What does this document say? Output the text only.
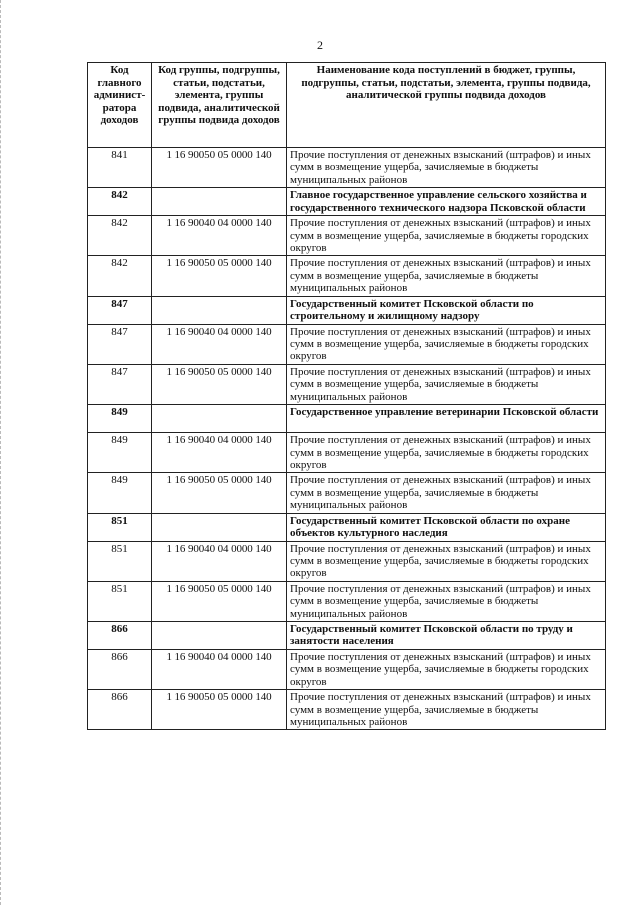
2
Код главного админист-ратора доходов	Код группы, подгруппы, статьи, подстатьи, элемента, группы подвида, аналитической группы подвида доходов	Наименование кода поступлений в бюджет, группы, подгруппы, статьи, подстатьи, элемента, группы подвида, аналитической группы подвида доходов
841	1 16 90050 05 0000 140	Прочие поступления от денежных взысканий (штрафов) и иных сумм в возмещение ущерба, зачисляемые в бюджеты муниципальных районов
842		Главное государственное управление сельского хозяйства и государственного технического надзора Псковской области
842	1 16 90040 04 0000 140	Прочие поступления от денежных взысканий (штрафов) и иных сумм в возмещение ущерба, зачисляемые в бюджеты городских округов
842	1 16 90050 05 0000 140	Прочие поступления от денежных взысканий (штрафов) и иных сумм в возмещение ущерба, зачисляемые в бюджеты муниципальных районов
847		Государственный комитет Псковской области по строительному и жилищному надзору
847	1 16 90040 04 0000 140	Прочие поступления от денежных взысканий (штрафов) и иных сумм в возмещение ущерба, зачисляемые в бюджеты городских округов
847	1 16 90050 05 0000 140	Прочие поступления от денежных взысканий (штрафов) и иных сумм в возмещение ущерба, зачисляемые в бюджеты муниципальных районов
849		Государственное управление ветеринарии Псковской области
849	1 16 90040 04 0000 140	Прочие поступления от денежных взысканий (штрафов) и иных сумм в возмещение ущерба, зачисляемые в бюджеты городских округов
849	1 16 90050 05 0000 140	Прочие поступления от денежных взысканий (штрафов) и иных сумм в возмещение ущерба, зачисляемые в бюджеты муниципальных районов
851		Государственный комитет Псковской области по охране объектов культурного наследия
851	1 16 90040 04 0000 140	Прочие поступления от денежных взысканий (штрафов) и иных сумм в возмещение ущерба, зачисляемые в бюджеты городских округов
851	1 16 90050 05 0000 140	Прочие поступления от денежных взысканий (штрафов) и иных сумм в возмещение ущерба, зачисляемые в бюджеты муниципальных районов
866		Государственный комитет Псковской области по труду и занятости населения
866	1 16 90040 04 0000 140	Прочие поступления от денежных взысканий (штрафов) и иных сумм в возмещение ущерба, зачисляемые в бюджеты городских округов
866	1 16 90050 05 0000 140	Прочие поступления от денежных взысканий (штрафов) и иных сумм в возмещение ущерба, зачисляемые в бюджеты муниципальных районов
